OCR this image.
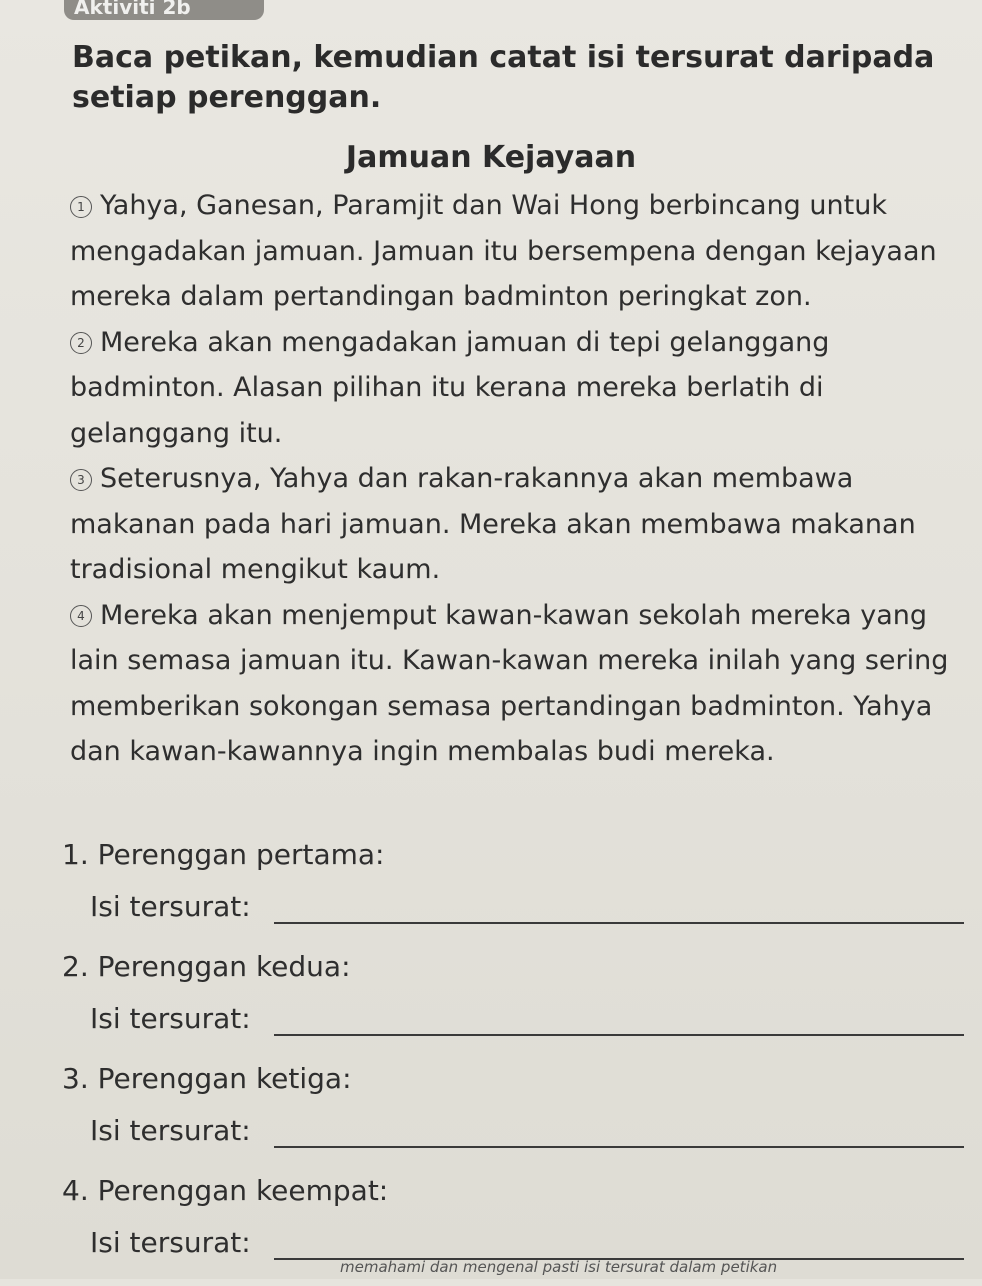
Aktiviti 2b
Baca petikan, kemudian catat isi tersurat daripada setiap perenggan.
Jamuan Kejayaan
1 Yahya, Ganesan, Paramjit dan Wai Hong berbincang untuk mengadakan jamuan. Jamuan itu bersempena dengan kejayaan mereka dalam pertandingan badminton peringkat zon.
2 Mereka akan mengadakan jamuan di tepi gelanggang badminton. Alasan pilihan itu kerana mereka berlatih di gelanggang itu.
3 Seterusnya, Yahya dan rakan-rakannya akan membawa makanan pada hari jamuan. Mereka akan membawa makanan tradisional mengikut kaum.
4 Mereka akan menjemput kawan-kawan sekolah mereka yang lain semasa jamuan itu. Kawan-kawan mereka inilah yang sering memberikan sokongan semasa pertandingan badminton. Yahya dan kawan-kawannya ingin membalas budi mereka.
1. Perenggan pertama:
Isi tersurat:
2. Perenggan kedua:
Isi tersurat:
3. Perenggan ketiga:
Isi tersurat:
4. Perenggan keempat:
Isi tersurat:
memahami dan mengenal pasti isi tersurat dalam petikan
